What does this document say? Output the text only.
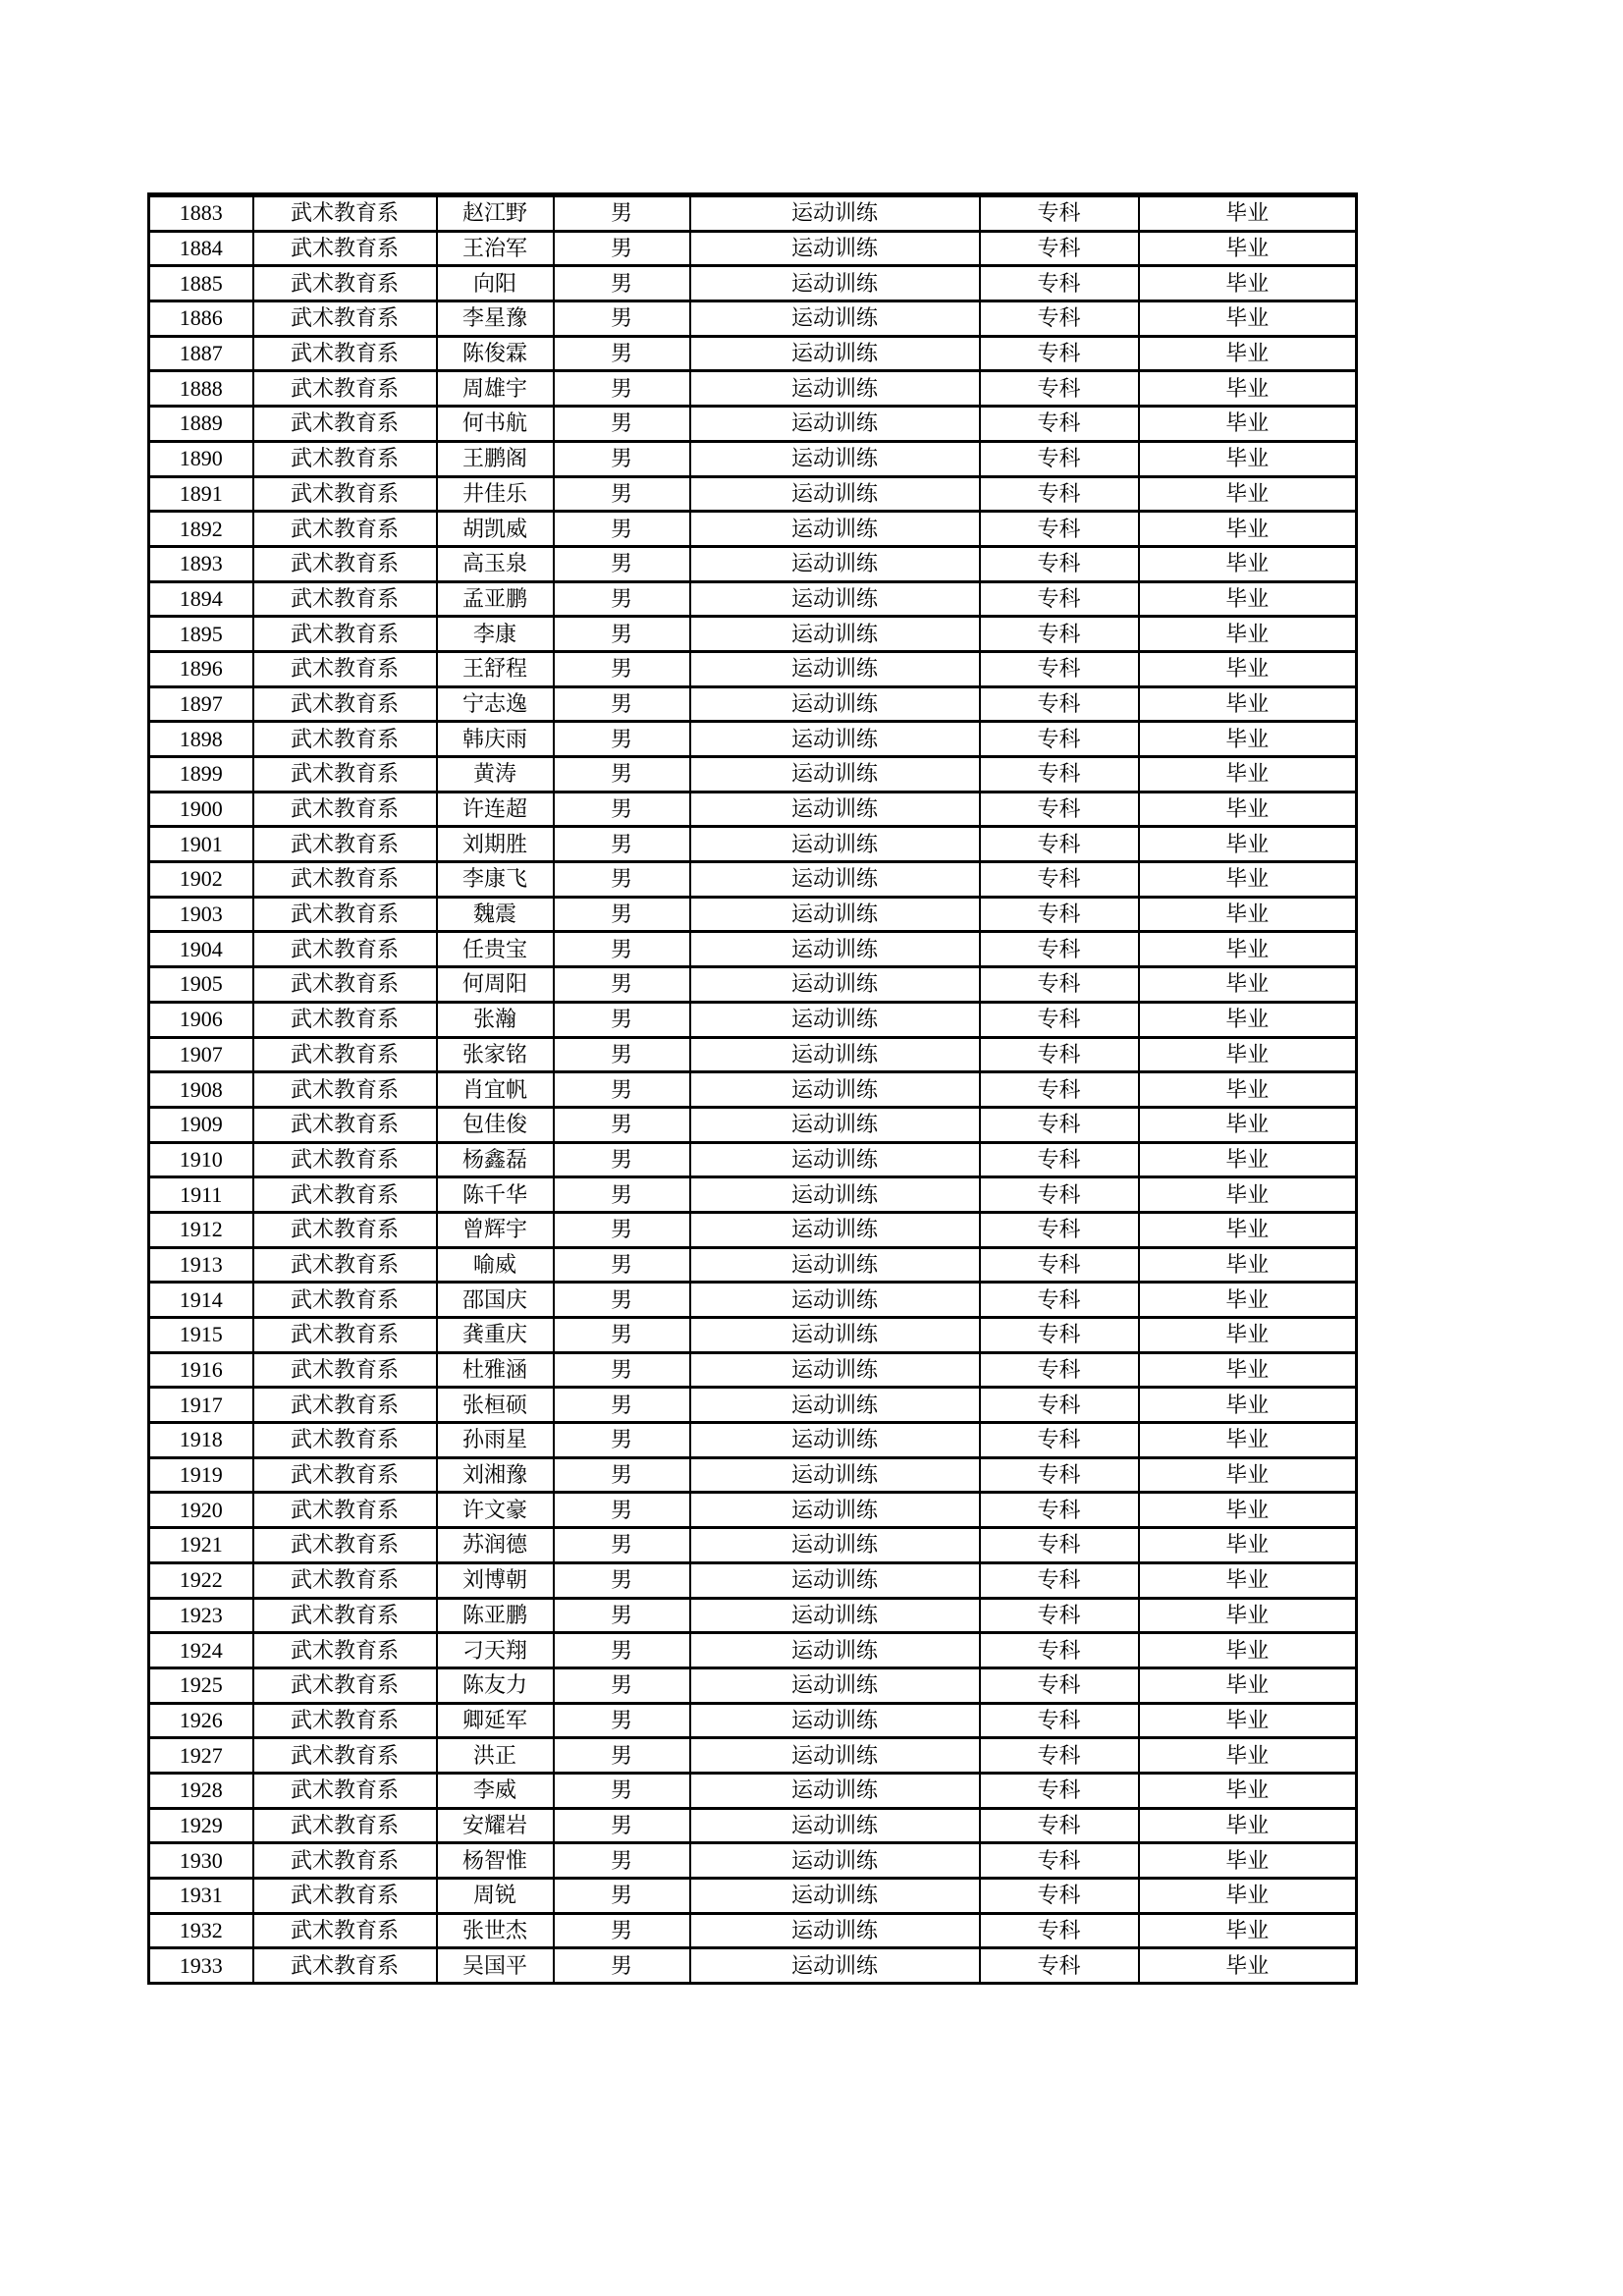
1883	武术教育系	赵江野	男	运动训练	专科	毕业
1884	武术教育系	王治军	男	运动训练	专科	毕业
1885	武术教育系	向阳	男	运动训练	专科	毕业
1886	武术教育系	李星豫	男	运动训练	专科	毕业
1887	武术教育系	陈俊霖	男	运动训练	专科	毕业
1888	武术教育系	周雄宇	男	运动训练	专科	毕业
1889	武术教育系	何书航	男	运动训练	专科	毕业
1890	武术教育系	王鹏阁	男	运动训练	专科	毕业
1891	武术教育系	井佳乐	男	运动训练	专科	毕业
1892	武术教育系	胡凯威	男	运动训练	专科	毕业
1893	武术教育系	高玉泉	男	运动训练	专科	毕业
1894	武术教育系	孟亚鹏	男	运动训练	专科	毕业
1895	武术教育系	李康	男	运动训练	专科	毕业
1896	武术教育系	王舒程	男	运动训练	专科	毕业
1897	武术教育系	宁志逸	男	运动训练	专科	毕业
1898	武术教育系	韩庆雨	男	运动训练	专科	毕业
1899	武术教育系	黄涛	男	运动训练	专科	毕业
1900	武术教育系	许连超	男	运动训练	专科	毕业
1901	武术教育系	刘期胜	男	运动训练	专科	毕业
1902	武术教育系	李康飞	男	运动训练	专科	毕业
1903	武术教育系	魏震	男	运动训练	专科	毕业
1904	武术教育系	任贵宝	男	运动训练	专科	毕业
1905	武术教育系	何周阳	男	运动训练	专科	毕业
1906	武术教育系	张瀚	男	运动训练	专科	毕业
1907	武术教育系	张家铭	男	运动训练	专科	毕业
1908	武术教育系	肖宜帆	男	运动训练	专科	毕业
1909	武术教育系	包佳俊	男	运动训练	专科	毕业
1910	武术教育系	杨鑫磊	男	运动训练	专科	毕业
1911	武术教育系	陈千华	男	运动训练	专科	毕业
1912	武术教育系	曾辉宇	男	运动训练	专科	毕业
1913	武术教育系	喻威	男	运动训练	专科	毕业
1914	武术教育系	邵国庆	男	运动训练	专科	毕业
1915	武术教育系	龚重庆	男	运动训练	专科	毕业
1916	武术教育系	杜雅涵	男	运动训练	专科	毕业
1917	武术教育系	张桓硕	男	运动训练	专科	毕业
1918	武术教育系	孙雨星	男	运动训练	专科	毕业
1919	武术教育系	刘湘豫	男	运动训练	专科	毕业
1920	武术教育系	许文豪	男	运动训练	专科	毕业
1921	武术教育系	苏润德	男	运动训练	专科	毕业
1922	武术教育系	刘博朝	男	运动训练	专科	毕业
1923	武术教育系	陈亚鹏	男	运动训练	专科	毕业
1924	武术教育系	刁天翔	男	运动训练	专科	毕业
1925	武术教育系	陈友力	男	运动训练	专科	毕业
1926	武术教育系	卿延军	男	运动训练	专科	毕业
1927	武术教育系	洪正	男	运动训练	专科	毕业
1928	武术教育系	李威	男	运动训练	专科	毕业
1929	武术教育系	安耀岩	男	运动训练	专科	毕业
1930	武术教育系	杨智惟	男	运动训练	专科	毕业
1931	武术教育系	周锐	男	运动训练	专科	毕业
1932	武术教育系	张世杰	男	运动训练	专科	毕业
1933	武术教育系	吴国平	男	运动训练	专科	毕业
